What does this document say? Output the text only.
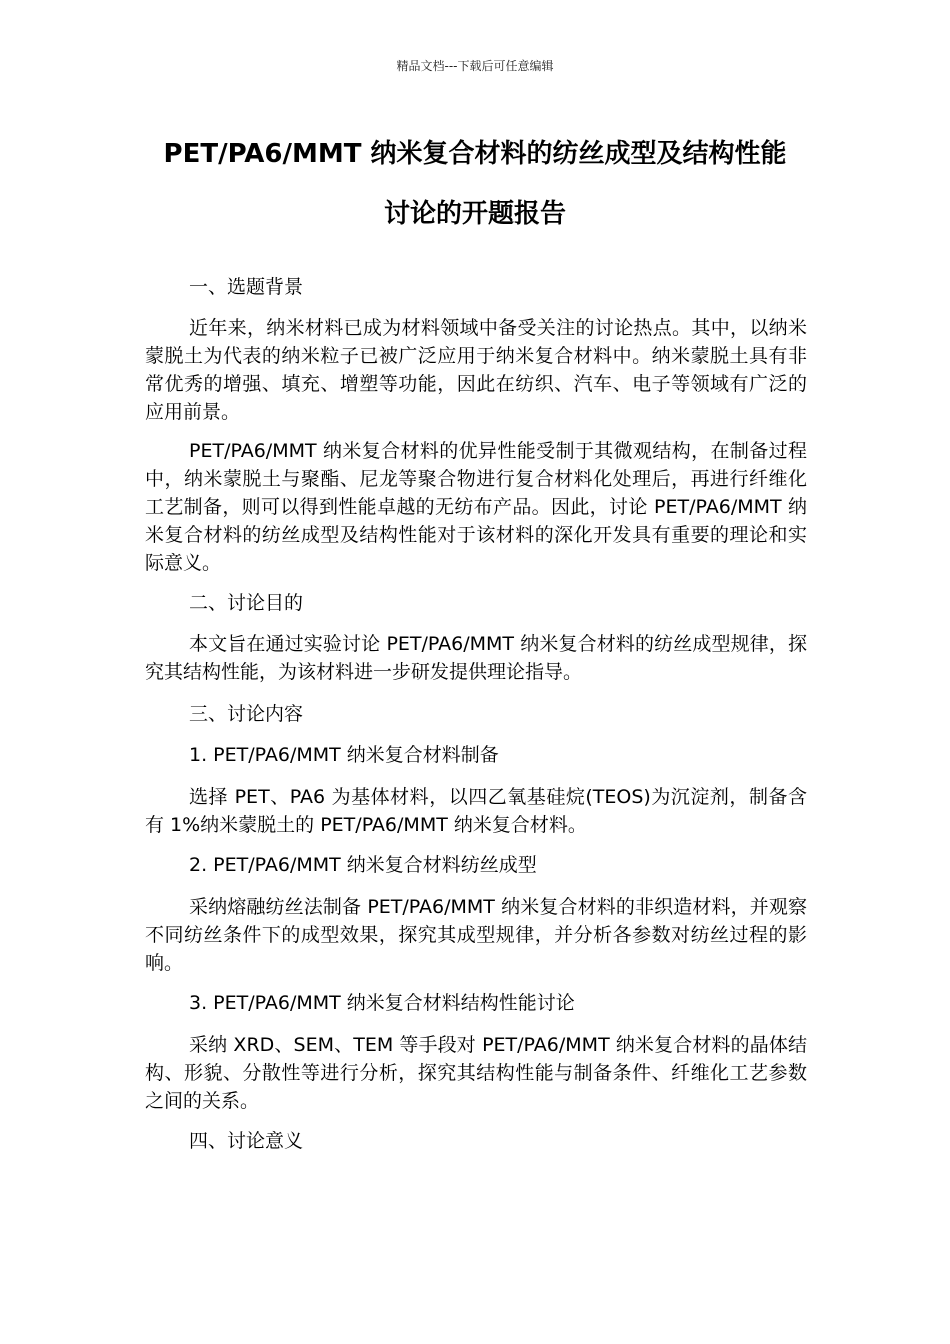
精品文档---下载后可任意编辑
PET/PA6/MMT 纳米复合材料的纺丝成型及结构性能
讨论的开题报告

一、选题背景

近年来，纳米材料已成为材料领域中备受关注的讨论热点。其中，以纳米蒙脱土为代表的纳米粒子已被广泛应用于纳米复合材料中。纳米蒙脱土具有非常优秀的增强、填充、增塑等功能，因此在纺织、汽车、电子等领域有广泛的应用前景。

PET/PA6/MMT 纳米复合材料的优异性能受制于其微观结构，在制备过程中，纳米蒙脱土与聚酯、尼龙等聚合物进行复合材料化处理后，再进行纤维化工艺制备，则可以得到性能卓越的无纺布产品。因此，讨论 PET/PA6/MMT 纳米复合材料的纺丝成型及结构性能对于该材料的深化开发具有重要的理论和实际意义。

二、讨论目的

本文旨在通过实验讨论 PET/PA6/MMT 纳米复合材料的纺丝成型规律，探究其结构性能，为该材料进一步研发提供理论指导。

三、讨论内容

1. PET/PA6/MMT 纳米复合材料制备

选择 PET、PA6 为基体材料，以四乙氧基硅烷(TEOS)为沉淀剂，制备含有 1%纳米蒙脱土的 PET/PA6/MMT 纳米复合材料。

2. PET/PA6/MMT 纳米复合材料纺丝成型

采纳熔融纺丝法制备 PET/PA6/MMT 纳米复合材料的非织造材料，并观察不同纺丝条件下的成型效果，探究其成型规律，并分析各参数对纺丝过程的影响。

3. PET/PA6/MMT 纳米复合材料结构性能讨论

采纳 XRD、SEM、TEM 等手段对 PET/PA6/MMT 纳米复合材料的晶体结构、形貌、分散性等进行分析，探究其结构性能与制备条件、纤维化工艺参数之间的关系。

四、讨论意义
